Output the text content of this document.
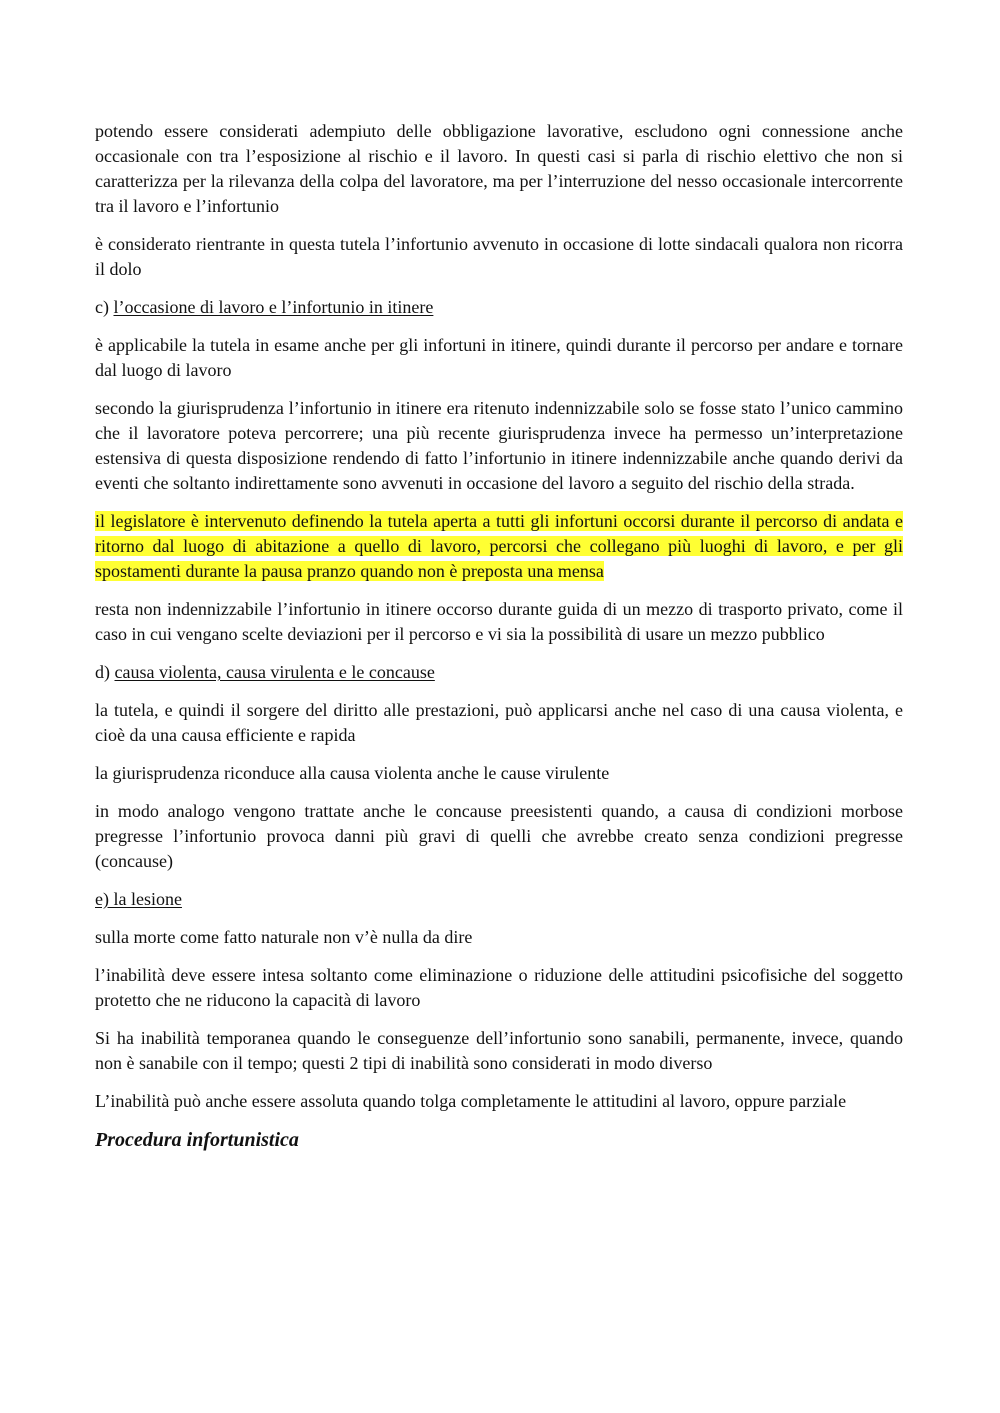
potendo essere considerati adempiuto delle obbligazione lavorative, escludono ogni connessione anche occasionale con tra l’esposizione al rischio e il lavoro. In questi casi si parla di rischio elettivo che non si caratterizza per la rilevanza della colpa del lavoratore, ma per l’interruzione del nesso occasionale intercorrente tra il lavoro e l’infortunio

è considerato rientrante in questa tutela l’infortunio avvenuto in occasione di lotte sindacali qualora non ricorra il dolo

c) l’occasione di lavoro e l’infortunio in itinere

è applicabile la tutela in esame anche per gli infortuni in itinere, quindi durante il percorso per andare e tornare dal luogo di lavoro

secondo la giurisprudenza l’infortunio in itinere era ritenuto indennizzabile solo se fosse stato l’unico cammino che il lavoratore poteva percorrere; una più recente giurisprudenza invece ha permesso un’interpretazione estensiva di questa disposizione rendendo di fatto l’infortunio in itinere indennizzabile anche quando derivi da eventi che soltanto indirettamente sono avvenuti in occasione del lavoro a seguito del rischio della strada.

il legislatore è intervenuto definendo la tutela aperta a tutti gli infortuni occorsi durante il percorso di andata e ritorno dal luogo di abitazione a quello di lavoro, percorsi che collegano più luoghi di lavoro, e per gli spostamenti durante la pausa pranzo quando non è preposta una mensa

resta non indennizzabile l’infortunio in itinere occorso durante guida di un mezzo di trasporto privato, come il caso in cui vengano scelte deviazioni per il percorso e vi sia la possibilità di usare un mezzo pubblico

d) causa violenta, causa virulenta e le concause

la tutela, e quindi il sorgere del diritto alle prestazioni, può applicarsi anche nel caso di una causa violenta, e cioè da una causa efficiente e rapida

la giurisprudenza riconduce alla causa violenta anche le cause virulente

in modo analogo vengono trattate anche le concause preesistenti quando, a causa di condizioni morbose pregresse l’infortunio provoca danni più gravi di quelli che avrebbe creato senza condizioni pregresse (concause)

e) la lesione

sulla morte come fatto naturale non v’è nulla da dire

l’inabilità deve essere intesa soltanto come eliminazione o riduzione delle attitudini psicofisiche del soggetto protetto che ne riducono la capacità di lavoro

Si ha inabilità temporanea quando le conseguenze dell’infortunio sono sanabili, permanente, invece, quando non è sanabile con il tempo; questi 2 tipi di inabilità sono considerati in modo diverso

L’inabilità può anche essere assoluta quando tolga completamente le attitudini al lavoro, oppure parziale

Procedura infortunistica
